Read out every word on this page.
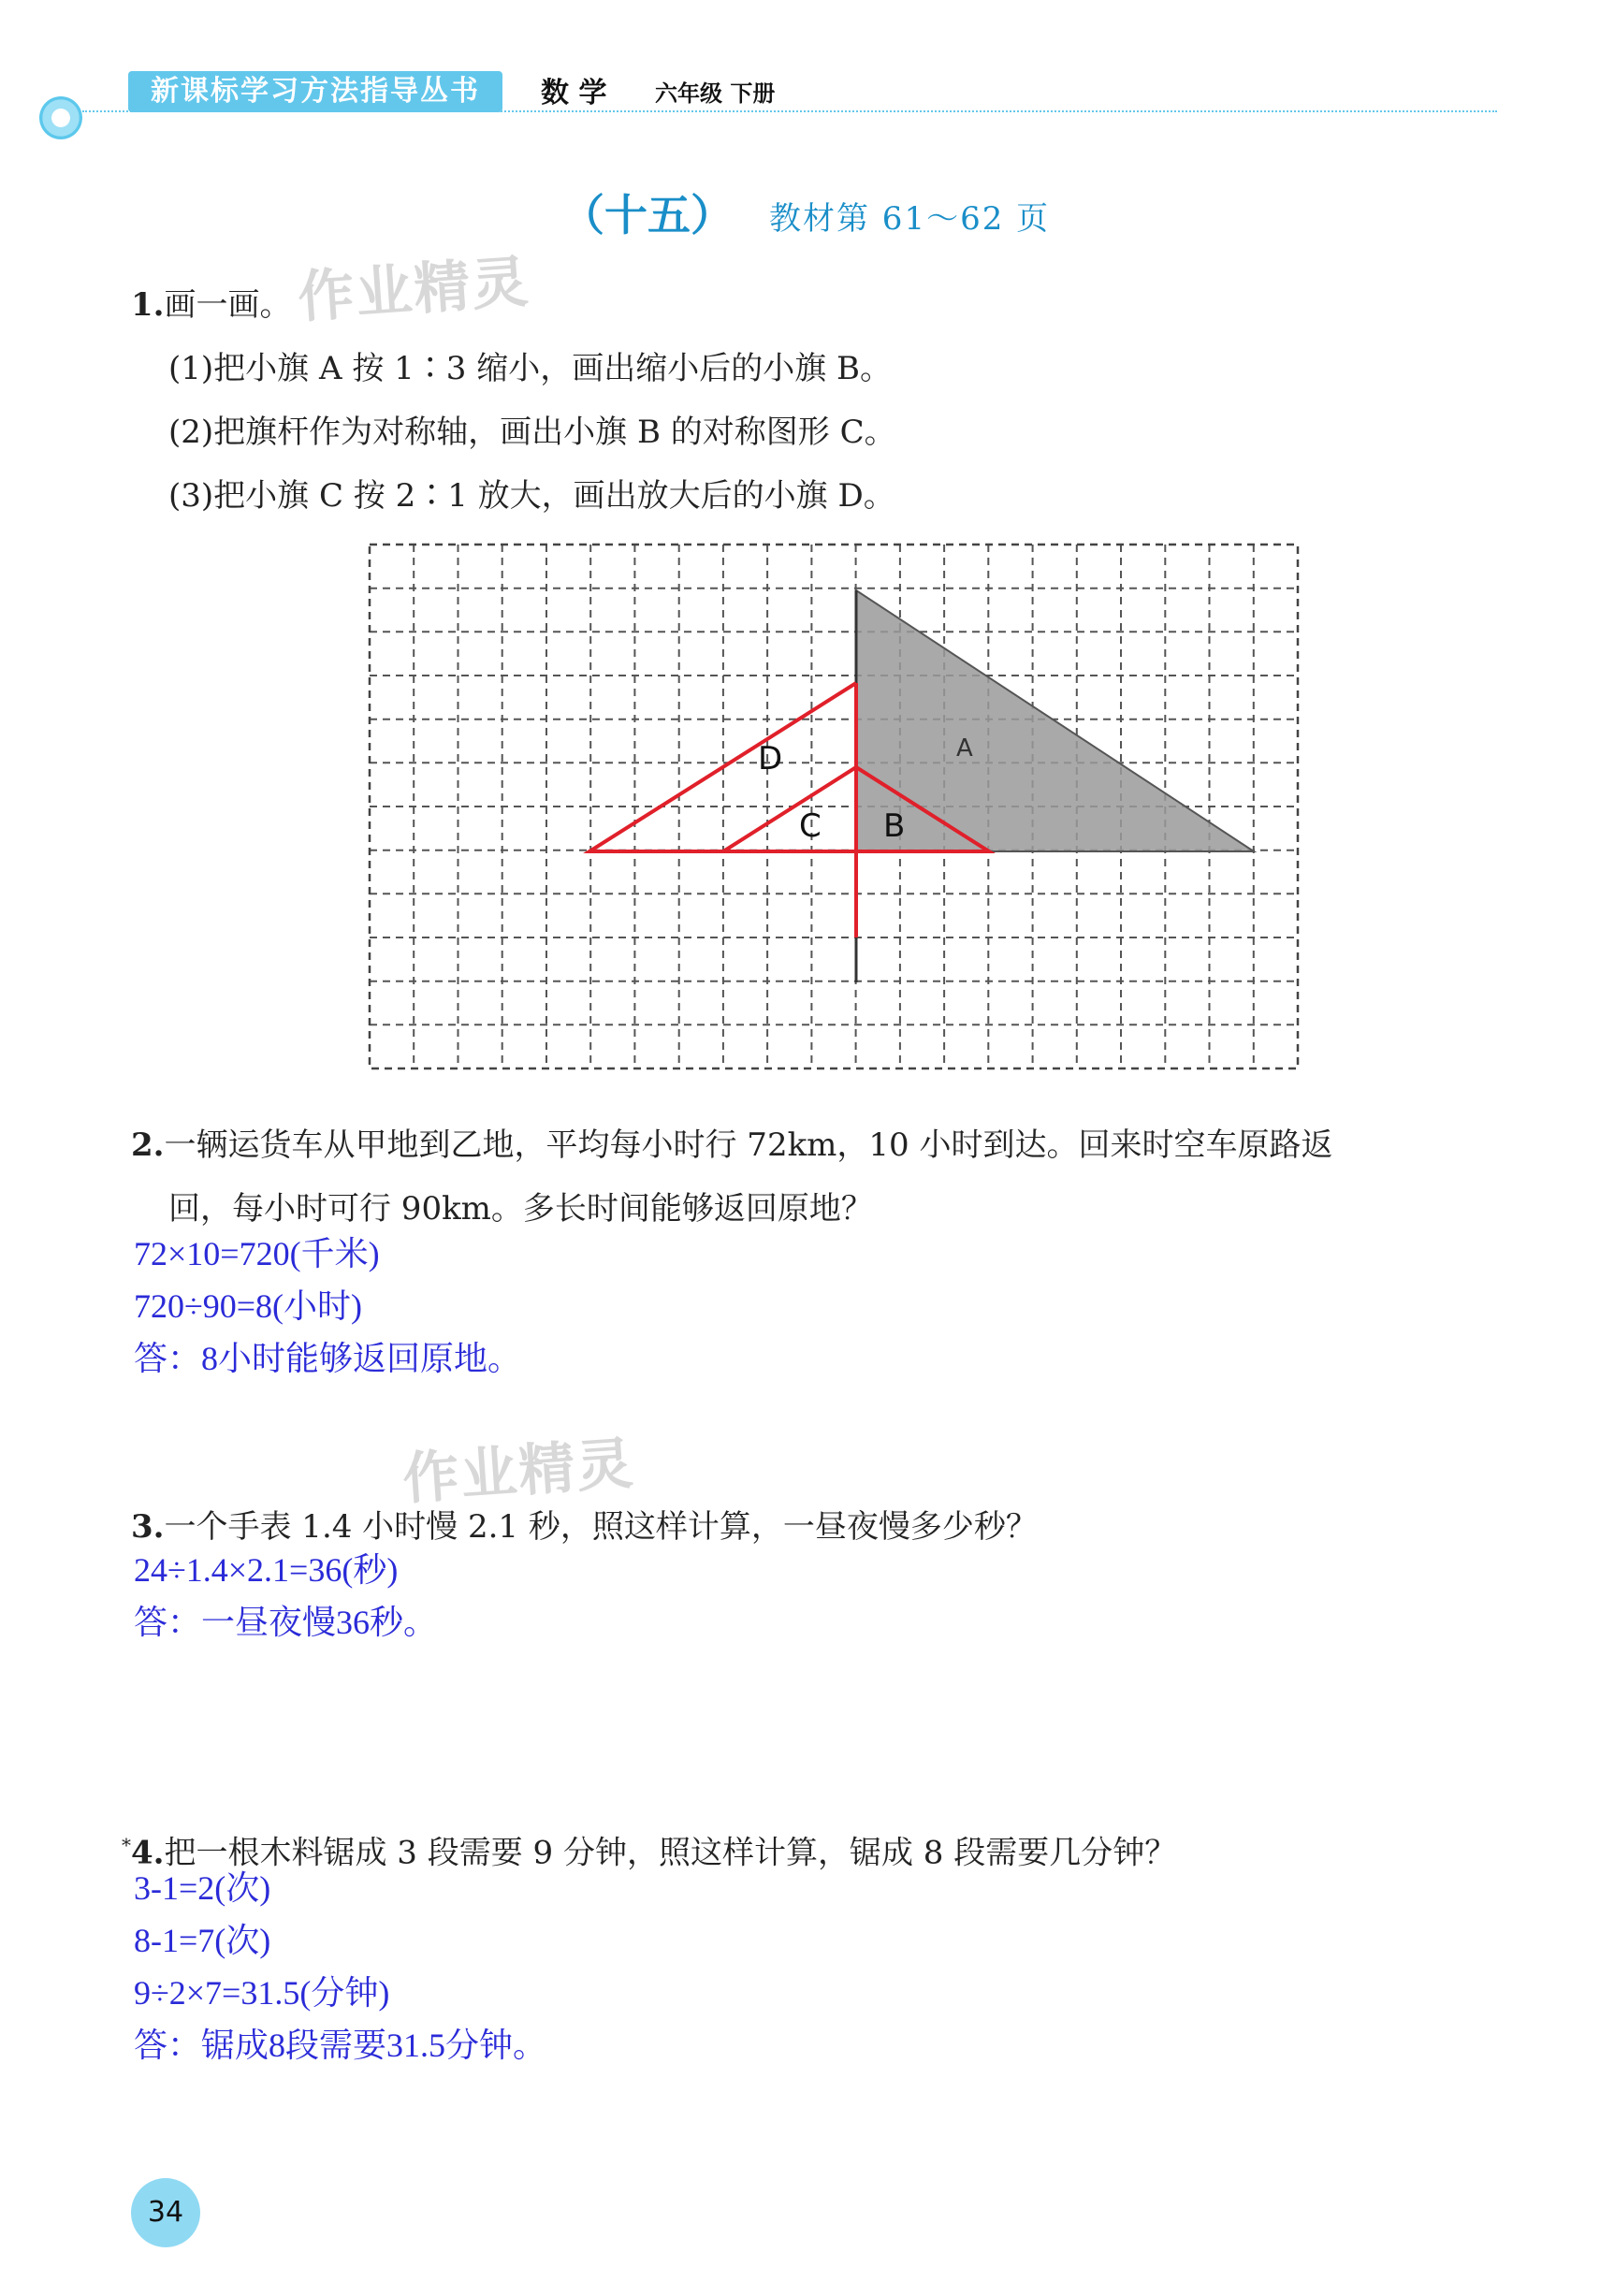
新课标学习方法指导丛书	数 学 六年级 下册
（十五） 教材第 61～62 页
作业精灵
作业精灵
1.画一画。
(1)把小旗 A 按 1∶3 缩小，画出缩小后的小旗 B。
(2)把旗杆作为对称轴，画出小旗 B 的对称图形 C。
(3)把小旗 C 按 2∶1 放大，画出放大后的小旗 D。
A
B
C
D
2.一辆运货车从甲地到乙地，平均每小时行 72km，10 小时到达。回来时空车原路返
回，每小时可行 90km。多长时间能够返回原地？
72×10=720(千米)
720÷90=8(小时)
答：8小时能够返回原地。
3.一个手表 1.4 小时慢 2.1 秒，照这样计算，一昼夜慢多少秒？
24÷1.4×2.1=36(秒)
答：一昼夜慢36秒。
*4.把一根木料锯成 3 段需要 9 分钟，照这样计算，锯成 8 段需要几分钟？
3-1=2(次)
8-1=7(次)
9÷2×7=31.5(分钟)
答：锯成8段需要31.5分钟。
34
